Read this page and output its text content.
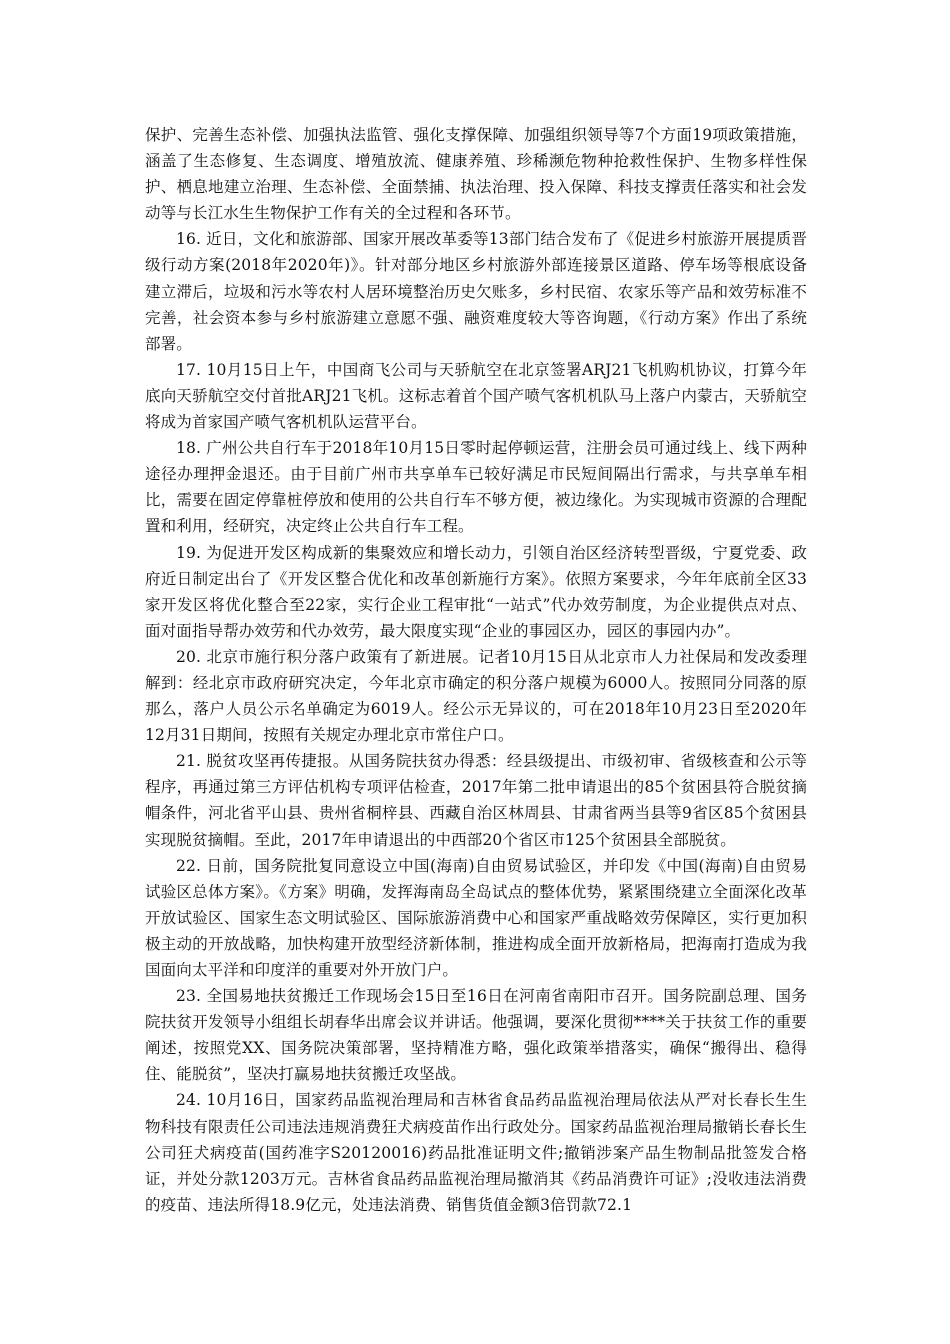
保护、完善生态补偿、加强执法监管、强化支撑保障、加强组织领导等7个方面19项政策措施，涵盖了生态修复、生态调度、增殖放流、健康养殖、珍稀濒危物种抢救性保护、生物多样性保护、栖息地建立治理、生态补偿、全面禁捕、执法治理、投入保障、科技支撑责任落实和社会发动等与长江水生生物保护工作有关的全过程和各环节。

16. 近日，文化和旅游部、国家开展改革委等13部门结合发布了《促进乡村旅游开展提质晋级行动方案(2018年2020年)》。针对部分地区乡村旅游外部连接景区道路、停车场等根底设备建立滞后，垃圾和污水等农村人居环境整治历史欠账多，乡村民宿、农家乐等产品和效劳标准不完善，社会资本参与乡村旅游建立意愿不强、融资难度较大等咨询题，《行动方案》作出了系统部署。

17. 10月15日上午，中国商飞公司与天骄航空在北京签署ARJ21飞机购机协议，打算今年底向天骄航空交付首批ARJ21飞机。这标志着首个国产喷气客机机队马上落户内蒙古，天骄航空将成为首家国产喷气客机机队运营平台。

18. 广州公共自行车于2018年10月15日零时起停顿运营，注册会员可通过线上、线下两种途径办理押金退还。由于目前广州市共享单车已较好满足市民短间隔出行需求，与共享单车相比，需要在固定停靠桩停放和使用的公共自行车不够方便，被边缘化。为实现城市资源的合理配置和利用，经研究，决定终止公共自行车工程。

19. 为促进开发区构成新的集聚效应和增长动力，引领自治区经济转型晋级，宁夏党委、政府近日制定出台了《开发区整合优化和改革创新施行方案》。依照方案要求，今年年底前全区33家开发区将优化整合至22家，实行企业工程审批“一站式”代办效劳制度，为企业提供点对点、面对面指导帮办效劳和代办效劳，最大限度实现“企业的事园区办，园区的事园内办”。

20. 北京市施行积分落户政策有了新进展。记者10月15日从北京市人力社保局和发改委理解到：经北京市政府研究决定，今年北京市确定的积分落户规模为6000人。按照同分同落的原那么，落户人员公示名单确定为6019人。经公示无异议的，可在2018年10月23日至2020年12月31日期间，按照有关规定办理北京市常住户口。

21. 脱贫攻坚再传捷报。从国务院扶贫办得悉：经县级提出、市级初审、省级核查和公示等程序，再通过第三方评估机构专项评估检查，2017年第二批申请退出的85个贫困县符合脱贫摘帽条件，河北省平山县、贵州省桐梓县、西藏自治区林周县、甘肃省两当县等9省区85个贫困县实现脱贫摘帽。至此，2017年申请退出的中西部20个省区市125个贫困县全部脱贫。

22. 日前，国务院批复同意设立中国(海南)自由贸易试验区，并印发《中国(海南)自由贸易试验区总体方案》。《方案》明确，发挥海南岛全岛试点的整体优势，紧紧围绕建立全面深化改革开放试验区、国家生态文明试验区、国际旅游消费中心和国家严重战略效劳保障区，实行更加积极主动的开放战略，加快构建开放型经济新体制，推进构成全面开放新格局，把海南打造成为我国面向太平洋和印度洋的重要对外开放门户。

23. 全国易地扶贫搬迁工作现场会15日至16日在河南省南阳市召开。国务院副总理、国务院扶贫开发领导小组组长胡春华出席会议并讲话。他强调，要深化贯彻****关于扶贫工作的重要阐述，按照党XX、国务院决策部署，坚持精准方略，强化政策举措落实，确保“搬得出、稳得住、能脱贫”，坚决打赢易地扶贫搬迁攻坚战。

24. 10月16日，国家药品监视治理局和吉林省食品药品监视治理局依法从严对长春长生生物科技有限责任公司违法违规消费狂犬病疫苗作出行政处分。国家药品监视治理局撤销长春长生公司狂犬病疫苗(国药准字S20120016)药品批准证明文件;撤销涉案产品生物制品批签发合格证，并处分款1203万元。吉林省食品药品监视治理局撤消其《药品消费许可证》;没收违法消费的疫苗、违法所得18.9亿元，处违法消费、销售货值金额3倍罚款72.1
